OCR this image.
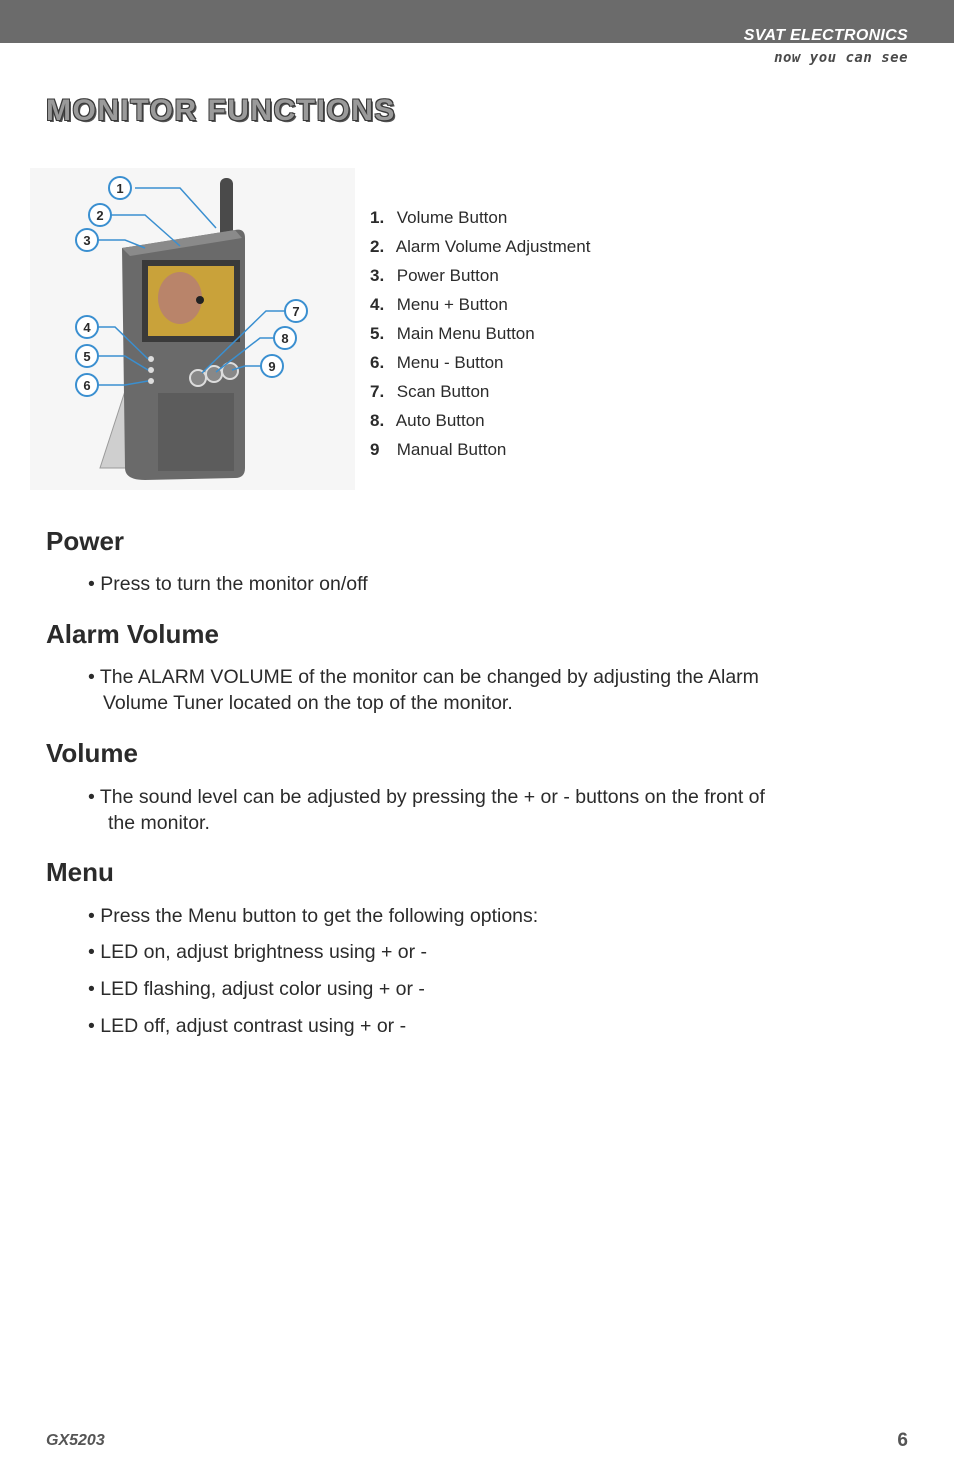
SVAT ELECTRONICS
now you can see
MONITOR FUNCTIONS
1
2
3
4
5
6
7
8
9
1. Volume Button
2. Alarm Volume Adjustment
3. Power Button
4. Menu + Button
5. Main Menu Button
6. Menu - Button
7. Scan Button
8. Auto Button
9 Manual Button
Power
• Press to turn the monitor on/off
Alarm Volume
• The ALARM VOLUME of the monitor can be changed by adjusting the Alarm
Volume Tuner located on the top of the monitor.
Volume
• The sound level can be adjusted by pressing the + or - buttons on the front of
the monitor.
Menu
• Press the Menu button to get the following options:
• LED on, adjust brightness using + or -
• LED flashing, adjust color using + or -
• LED off, adjust contrast using + or -
GX5203	6
